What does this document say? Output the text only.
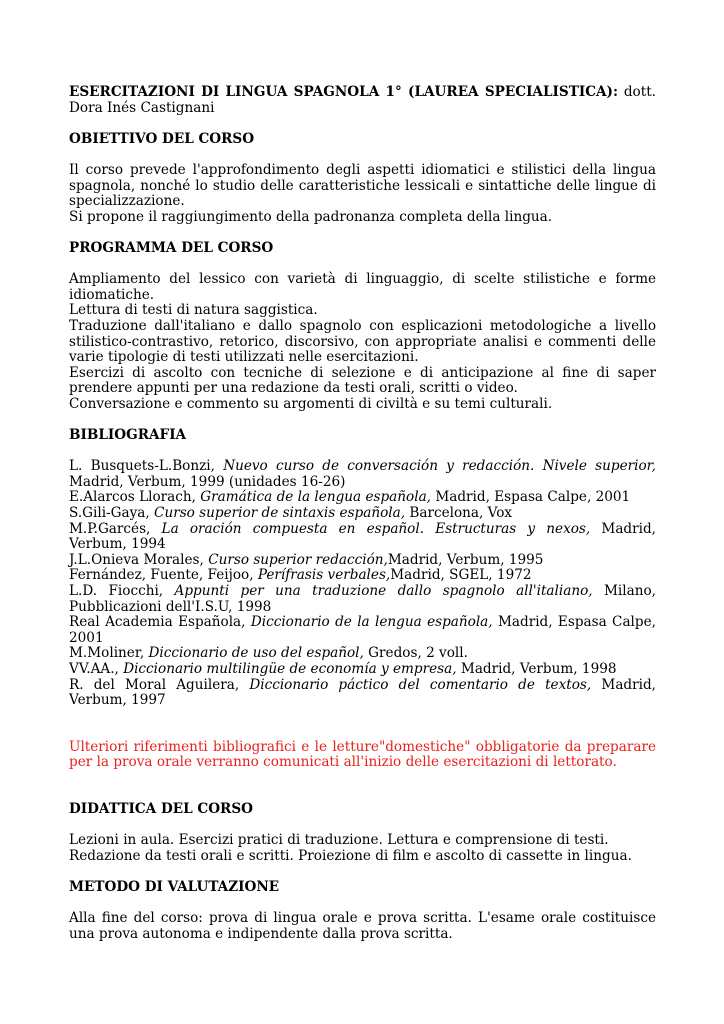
ESERCITAZIONI DI LINGUA SPAGNOLA 1° (LAUREA SPECIALISTICA): dott. Dora Inés Castignani

OBIETTIVO DEL CORSO

Il corso prevede l'approfondimento degli aspetti idiomatici e stilistici della lingua spagnola, nonché lo studio delle caratteristiche lessicali e sintattiche delle lingue di specializzazione.

Si propone il raggiungimento della padronanza completa della lingua.

PROGRAMMA DEL CORSO

Ampliamento del lessico con varietà di linguaggio, di scelte stilistiche e forme idiomatiche.

Lettura di testi di natura saggistica.

Traduzione dall'italiano e dallo spagnolo con esplicazioni metodologiche a livello stilistico-contrastivo, retorico, discorsivo, con appropriate analisi e commenti delle varie tipologie di testi utilizzati nelle esercitazioni.

Esercizi di ascolto con tecniche di selezione e di anticipazione al fine di saper prendere appunti per una redazione da testi orali, scritti o video.

Conversazione e commento su argomenti di civiltà e su temi culturali.

BIBLIOGRAFIA

L. Busquets-L.Bonzi, Nuevo curso de conversación y redacción. Nivele superior, Madrid, Verbum, 1999 (unidades 16-26)

E.Alarcos Llorach, Gramática de la lengua española, Madrid, Espasa Calpe, 2001

S.Gili-Gaya, Curso superior de sintaxis española, Barcelona, Vox

M.P.Garcés, La oración compuesta en español. Estructuras y nexos, Madrid, Verbum, 1994

J.L.Onieva Morales, Curso superior redacción,Madrid, Verbum, 1995

Fernández, Fuente, Feijoo, Perífrasis verbales,Madrid, SGEL, 1972

L.D. Fiocchi, Appunti per una traduzione dallo spagnolo all'italiano, Milano, Pubblicazioni dell'I.S.U, 1998

Real Academia Española, Diccionario de la lengua española, Madrid, Espasa Calpe, 2001

M.Moliner, Diccionario de uso del español, Gredos, 2 voll.

VV.AA., Diccionario multilingüe de economía y empresa, Madrid, Verbum, 1998

R. del Moral Aguilera, Diccionario páctico del comentario de textos, Madrid, Verbum, 1997

Ulteriori riferimenti bibliografici e le letture"domestiche" obbligatorie da preparare per la prova orale verranno comunicati all'inizio delle esercitazioni di lettorato.

DIDATTICA DEL CORSO

Lezioni in aula. Esercizi pratici di traduzione. Lettura e comprensione di testi.

Redazione da testi orali e scritti. Proiezione di film e ascolto di cassette in lingua.

METODO DI VALUTAZIONE

Alla fine del corso: prova di lingua orale e prova scritta. L'esame orale costituisce una prova autonoma e indipendente dalla prova scritta.
